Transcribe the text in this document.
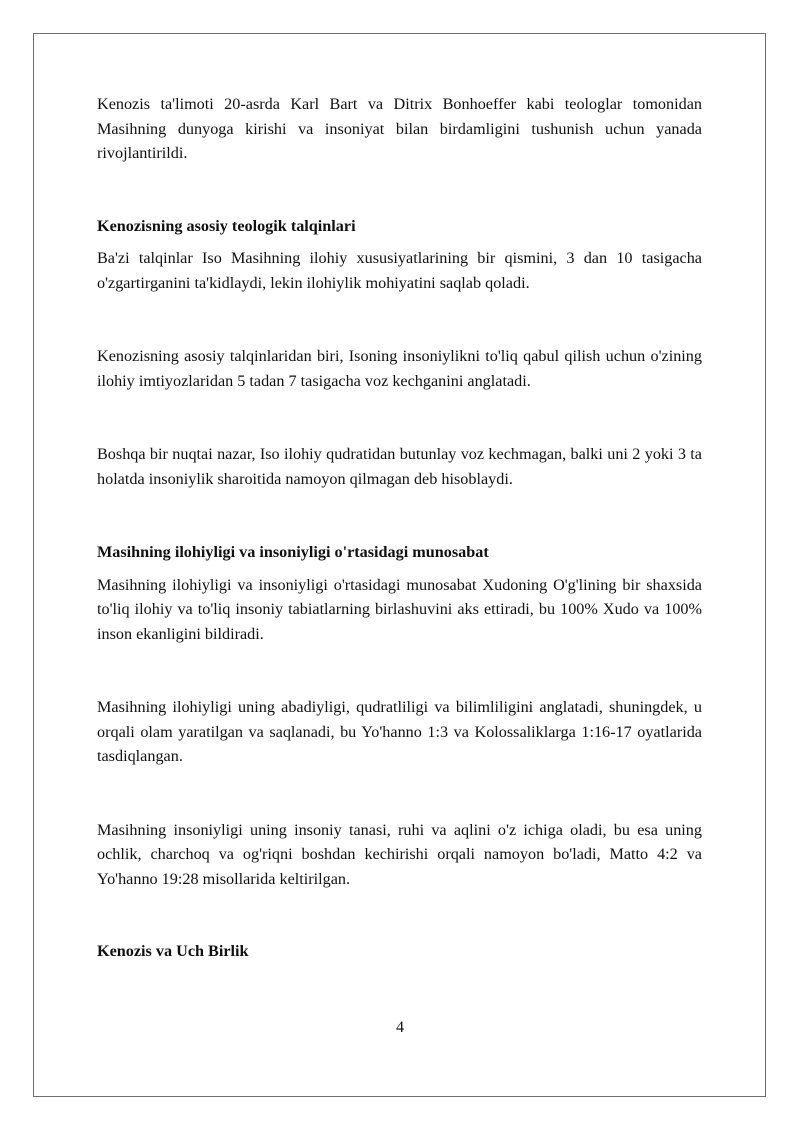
Kenozis ta'limoti 20-asrda Karl Bart va Ditrix Bonhoeffer kabi teologlar tomonidan Masihning dunyoga kirishi va insoniyat bilan birdamligini tushunish uchun yanada rivojlantirildi.

Kenozisning asosiy teologik talqinlari

Ba'zi talqinlar Iso Masihning ilohiy xususiyatlarining bir qismini, 3 dan 10 tasigacha o'zgartirganini ta'kidlaydi, lekin ilohiylik mohiyatini saqlab qoladi.

Kenozisning asosiy talqinlaridan biri, Isoning insoniylikni to'liq qabul qilish uchun o'zining ilohiy imtiyozlaridan 5 tadan 7 tasigacha voz kechganini anglatadi.

Boshqa bir nuqtai nazar, Iso ilohiy qudratidan butunlay voz kechmagan, balki uni 2 yoki 3 ta holatda insoniylik sharoitida namoyon qilmagan deb hisoblaydi.

Masihning ilohiyligi va insoniyligi o'rtasidagi munosabat

Masihning ilohiyligi va insoniyligi o'rtasidagi munosabat Xudoning O'g'lining bir shaxsida to'liq ilohiy va to'liq insoniy tabiatlarning birlashuvini aks ettiradi, bu 100% Xudo va 100% inson ekanligini bildiradi.

Masihning ilohiyligi uning abadiyligi, qudratliligi va bilimliligini anglatadi, shuningdek, u orqali olam yaratilgan va saqlanadi, bu Yo'hanno 1:3 va Kolossaliklarga 1:16-17 oyatlarida tasdiqlangan.

Masihning insoniyligi uning insoniy tanasi, ruhi va aqlini o'z ichiga oladi, bu esa uning ochlik, charchoq va og'riqni boshdan kechirishi orqali namoyon bo'ladi, Matto 4:2 va Yo'hanno 19:28 misollarida keltirilgan.

Kenozis va Uch Birlik

4
